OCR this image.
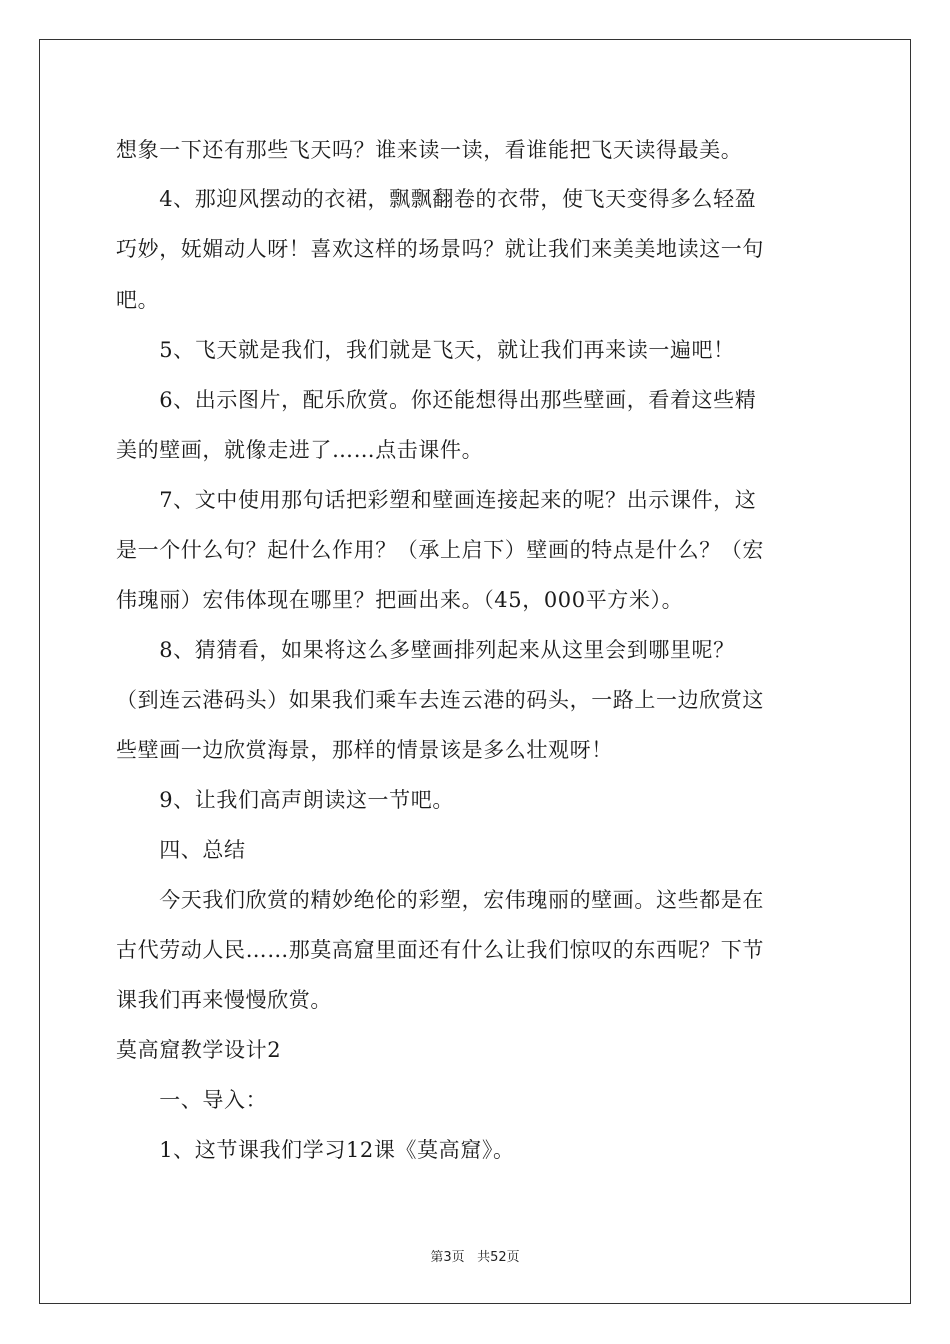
想象一下还有那些飞天吗？谁来读一读，看谁能把飞天读得最美。
　　4、那迎风摆动的衣裙，飘飘翻卷的衣带，使飞天变得多么轻盈
巧妙，妩媚动人呀！喜欢这样的场景吗？就让我们来美美地读这一句
吧。
　　5、飞天就是我们，我们就是飞天，就让我们再来读一遍吧！
　　6、出示图片，配乐欣赏。你还能想得出那些壁画，看着这些精
美的壁画，就像走进了……点击课件。
　　7、文中使用那句话把彩塑和壁画连接起来的呢？出示课件，这
是一个什么句？起什么作用？（承上启下）壁画的特点是什么？（宏
伟瑰丽）宏伟体现在哪里？把画出来。（45，000平方米）。
　　8、猜猜看，如果将这么多壁画排列起来从这里会到哪里呢？
（到连云港码头）如果我们乘车去连云港的码头，一路上一边欣赏这
些壁画一边欣赏海景，那样的情景该是多么壮观呀！
　　9、让我们高声朗读这一节吧。
　　四、总结
　　今天我们欣赏的精妙绝伦的彩塑，宏伟瑰丽的壁画。这些都是在
古代劳动人民……那莫高窟里面还有什么让我们惊叹的东西呢？下节
课我们再来慢慢欣赏。
莫高窟教学设计2
　　一、导入：
　　1、这节课我们学习12课《莫高窟》。
第3页 共52页
